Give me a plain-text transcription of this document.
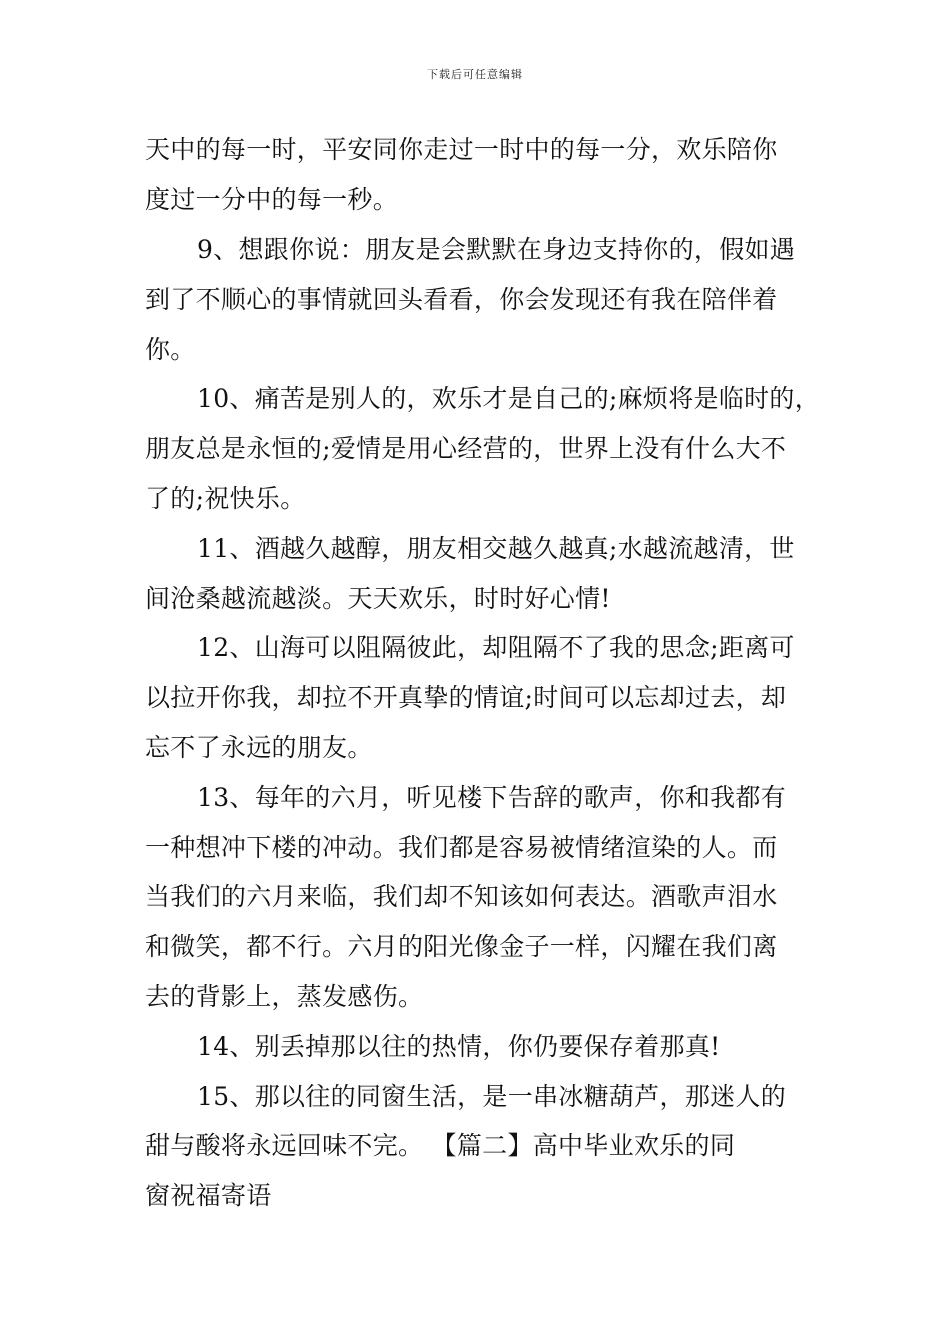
下载后可任意编辑
天中的每一时，平安同你走过一时中的每一分，欢乐陪你
度过一分中的每一秒。
9、想跟你说：朋友是会默默在身边支持你的，假如遇
到了不顺心的事情就回头看看，你会发现还有我在陪伴着
你。
10、痛苦是别人的，欢乐才是自己的;麻烦将是临时的，
朋友总是永恒的;爱情是用心经营的，世界上没有什么大不
了的;祝快乐。
11、酒越久越醇，朋友相交越久越真;水越流越清，世
间沧桑越流越淡。天天欢乐，时时好心情!
12、山海可以阻隔彼此，却阻隔不了我的思念;距离可
以拉开你我，却拉不开真挚的情谊;时间可以忘却过去，却
忘不了永远的朋友。
13、每年的六月，听见楼下告辞的歌声，你和我都有
一种想冲下楼的冲动。我们都是容易被情绪渲染的人。而
当我们的六月来临，我们却不知该如何表达。酒歌声泪水
和微笑，都不行。六月的阳光像金子一样，闪耀在我们离
去的背影上，蒸发感伤。
14、别丢掉那以往的热情，你仍要保存着那真!
15、那以往的同窗生活，是一串冰糖葫芦，那迷人的
甜与酸将永远回味不完。 【篇二】高中毕业欢乐的同
窗祝福寄语
